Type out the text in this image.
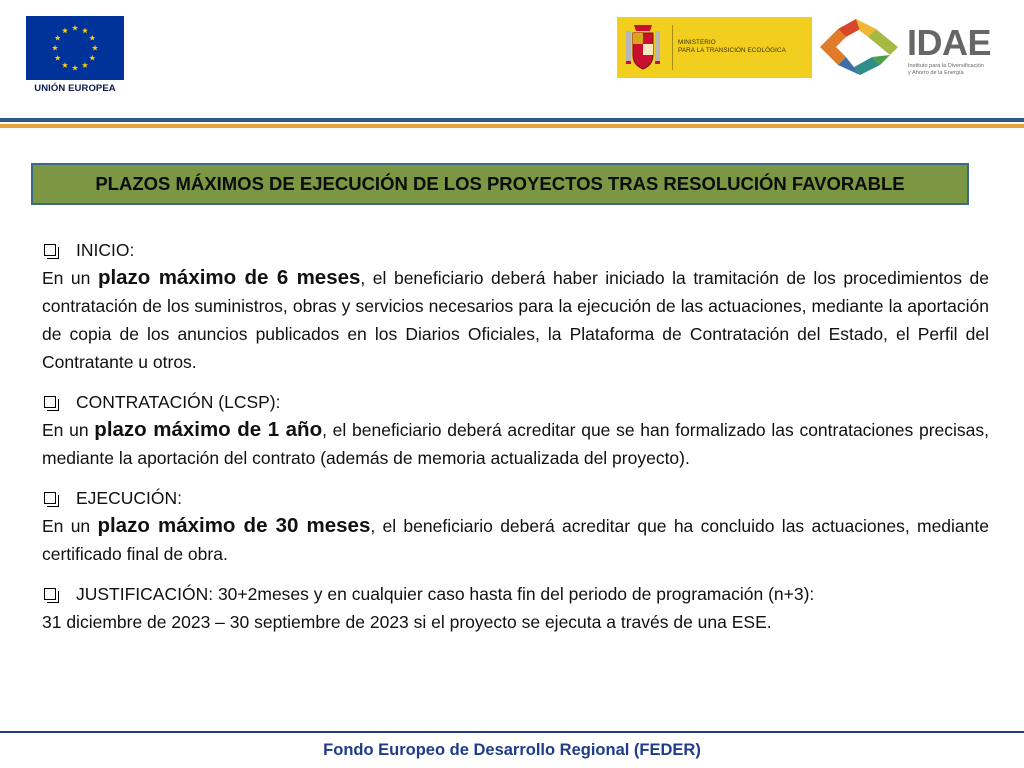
UNIÓN EUROPEA
MINISTERIO
PARA LA TRANSICIÓN ECOLÓGICA	IDAE
Instituto para la Diversificación
y Ahorro de la Energía
PLAZOS MÁXIMOS DE EJECUCIÓN DE LOS PROYECTOS TRAS RESOLUCIÓN FAVORABLE
INICIO:
En un plazo máximo de 6 meses, el beneficiario deberá haber iniciado la tramitación de los procedimientos de contratación de los suministros, obras y servicios necesarios para la ejecución de las actuaciones, mediante la aportación de copia de los anuncios publicados en los Diarios Oficiales, la Plataforma de Contratación del Estado, el Perfil del Contratante u otros.
CONTRATACIÓN (LCSP):
En un plazo máximo de 1 año, el beneficiario deberá acreditar que se han formalizado las contrataciones precisas, mediante la aportación del contrato (además de memoria actualizada del proyecto).
EJECUCIÓN:
En un plazo máximo de 30 meses, el beneficiario deberá acreditar que ha concluido las actuaciones, mediante certificado final de obra.
JUSTIFICACIÓN: 30+2meses y en cualquier caso hasta fin del periodo de programación (n+3):
31 diciembre de 2023 – 30 septiembre de 2023 si el proyecto se ejecuta a través de una ESE.
Fondo Europeo de Desarrollo Regional (FEDER)
